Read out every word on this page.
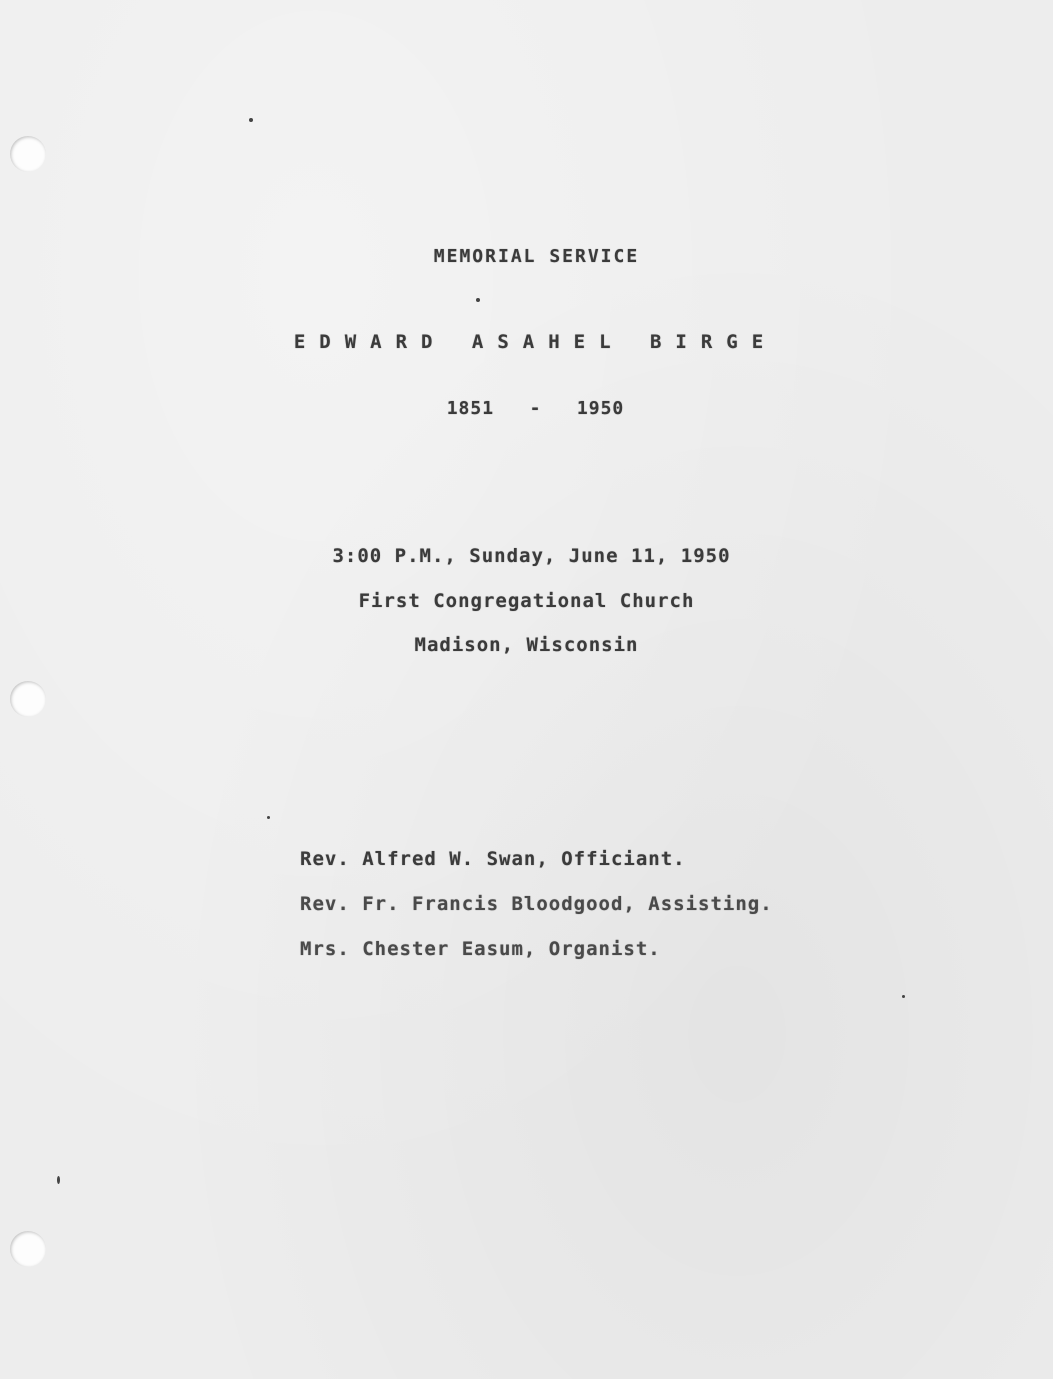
MEMORIAL SERVICE
EDWARD ASAHEL BIRGE
1851   -   1950
3:00 P.M., Sunday, June 11, 1950
First Congregational Church
Madison, Wisconsin
Rev. Alfred W. Swan, Officiant.
Rev. Fr. Francis Bloodgood, Assisting.
Mrs. Chester Easum, Organist.
